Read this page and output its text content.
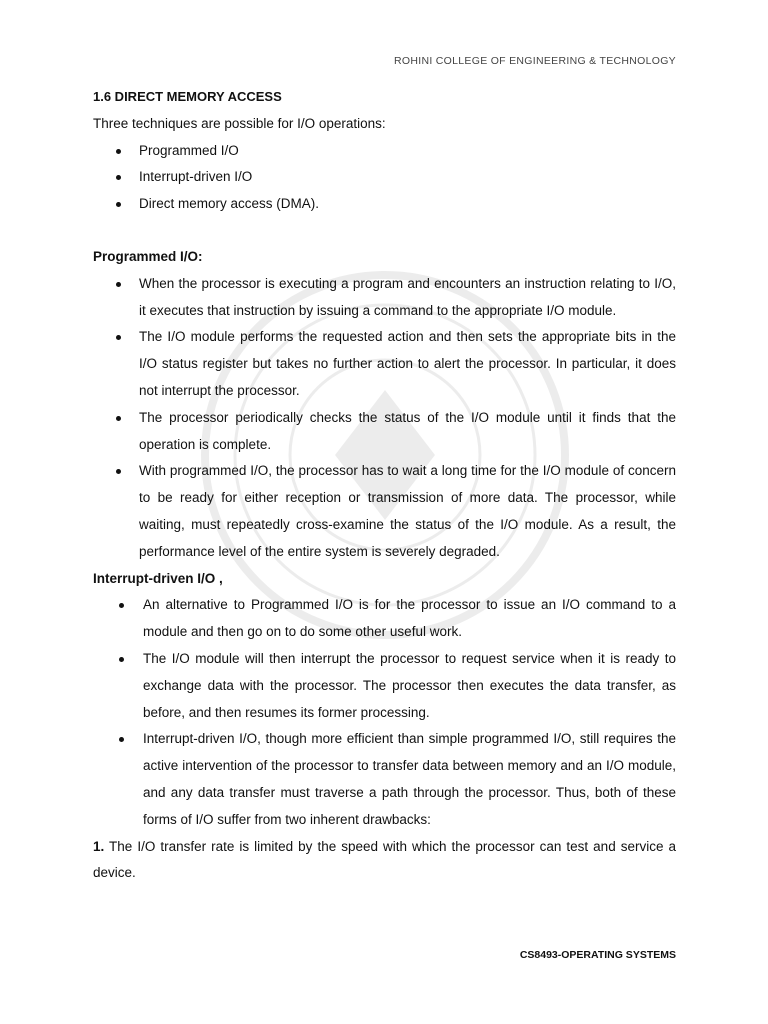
ROHINI COLLEGE OF ENGINEERING & TECHNOLOGY

1.6 DIRECT MEMORY ACCESS

Three techniques are possible for I/O operations:

Programmed I/O
Interrupt-driven I/O
Direct memory access (DMA).

Programmed I/O:

When the processor is executing a program and encounters an instruction relating to I/O, it executes that instruction by issuing a command to the appropriate I/O module.
The I/O module performs the requested action and then sets the appropriate bits in the I/O status register but takes no further action to alert the processor. In particular, it does not interrupt the processor.
The processor periodically checks the status of the I/O module until it finds that the operation is complete.
With programmed I/O, the processor has to wait a long time for the I/O module of concern to be ready for either reception or transmission of more data. The processor, while waiting, must repeatedly cross-examine the status of the I/O module. As a result, the performance level of the entire system is severely degraded.

Interrupt-driven I/O ,

An alternative to Programmed I/O is for the processor to issue an I/O command to a module and then go on to do some other useful work.
The I/O module will then interrupt the processor to request service when it is ready to exchange data with the processor. The processor then executes the data transfer, as before, and then resumes its former processing.
Interrupt-driven I/O, though more efficient than simple programmed I/O, still requires the active intervention of the processor to transfer data between memory and an I/O module, and any data transfer must traverse a path through the processor. Thus, both of these forms of I/O suffer from two inherent drawbacks:

1. The I/O transfer rate is limited by the speed with which the processor can test and service a device.

CS8493-OPERATING SYSTEMS
